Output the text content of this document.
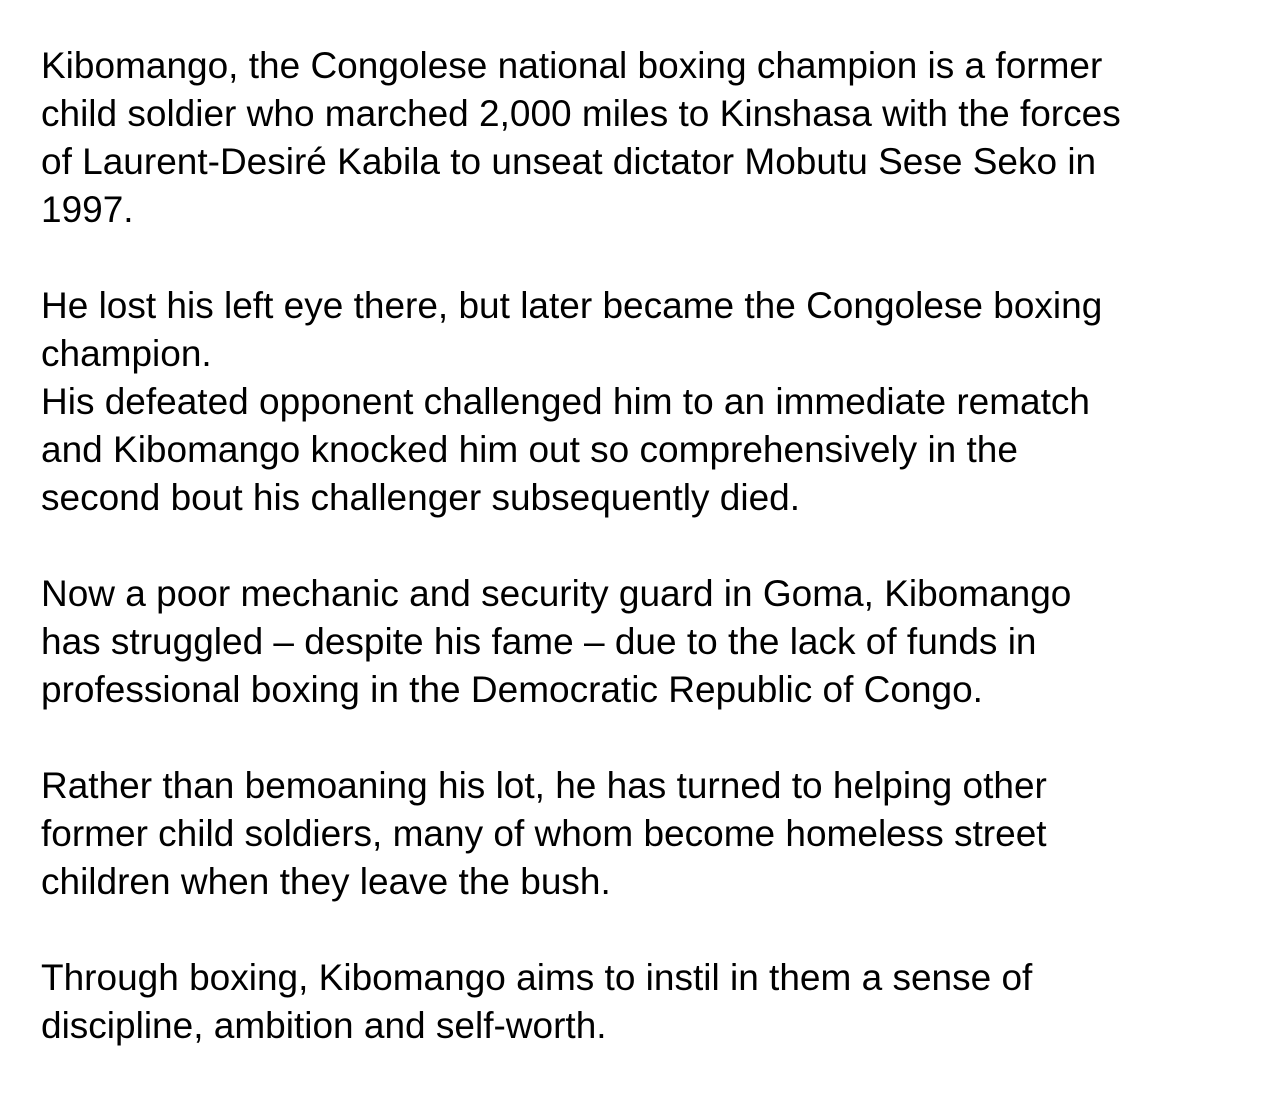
Kibomango, the Congolese national boxing champion is a former
child soldier who marched 2,000 miles to Kinshasa with the forces
of Laurent-Desiré Kabila to unseat dictator Mobutu Sese Seko in
1997.

He lost his left eye there, but later became the Congolese boxing
champion.

His defeated opponent challenged him to an immediate rematch
and Kibomango knocked him out so comprehensively in the
second bout his challenger subsequently died.

Now a poor mechanic and security guard in Goma, Kibomango
has struggled – despite his fame – due to the lack of funds in
professional boxing in the Democratic Republic of Congo.

Rather than bemoaning his lot, he has turned to helping other
former child soldiers, many of whom become homeless street
children when they leave the bush.

Through boxing, Kibomango aims to instil in them a sense of
discipline, ambition and self-worth.
